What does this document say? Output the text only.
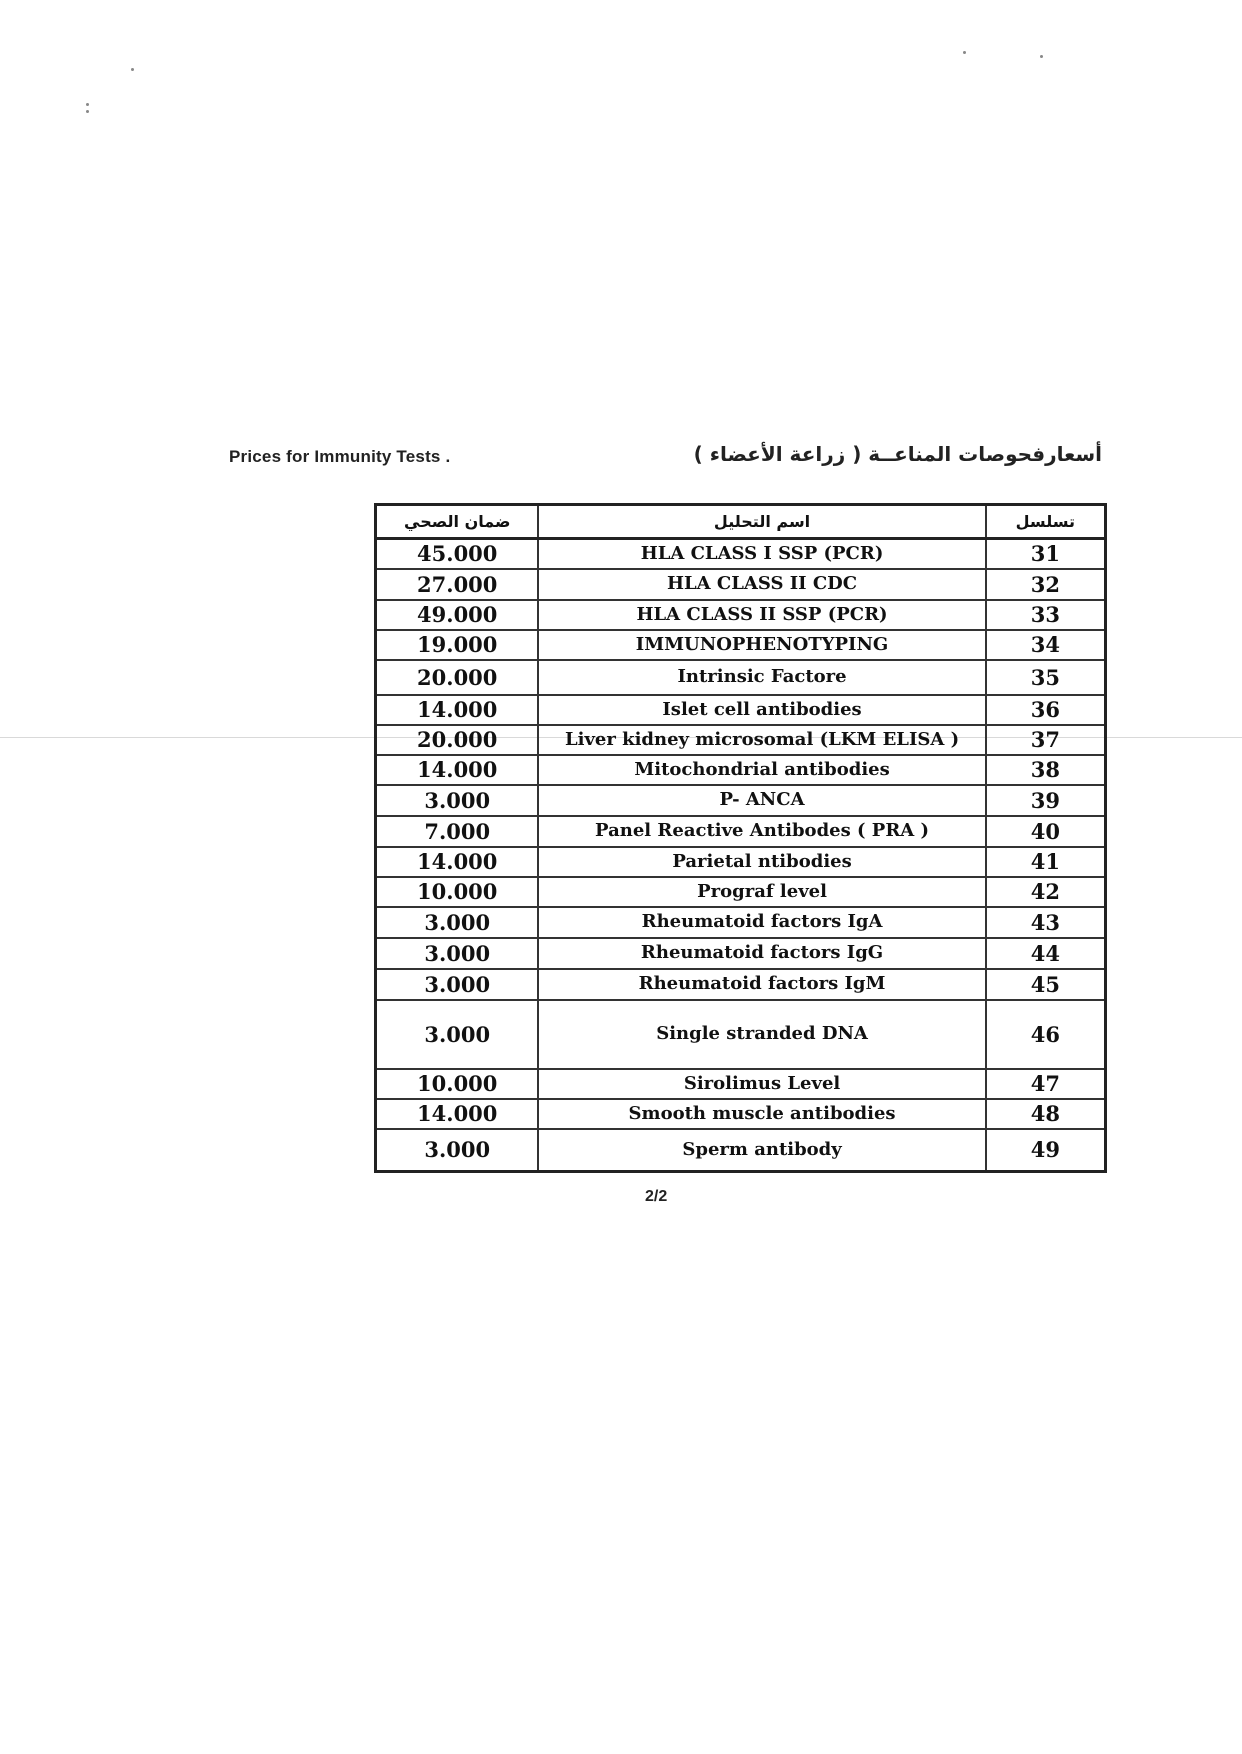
Prices for Immunity Tests .	أسعارفحوصات المناعــة ( زراعة الأعضاء )
ضمان الصحي	اسم التحليل	تسلسل
45.000	HLA CLASS I SSP (PCR)	31
27.000	HLA CLASS II CDC	32
49.000	HLA CLASS II SSP (PCR)	33
19.000	IMMUNOPHENOTYPING	34
20.000	Intrinsic Factore	35
14.000	Islet cell antibodies	36
20.000	Liver kidney microsomal (LKM ELISA )	37
14.000	Mitochondrial antibodies	38
3.000	P- ANCA	39
7.000	Panel Reactive Antibodes ( PRA )	40
14.000	Parietal ntibodies	41
10.000	Prograf level	42
3.000	Rheumatoid factors IgA	43
3.000	Rheumatoid factors IgG	44
3.000	Rheumatoid factors IgM	45
3.000	Single stranded DNA	46
10.000	Sirolimus Level	47
14.000	Smooth muscle antibodies	48
3.000	Sperm antibody	49
2/2
